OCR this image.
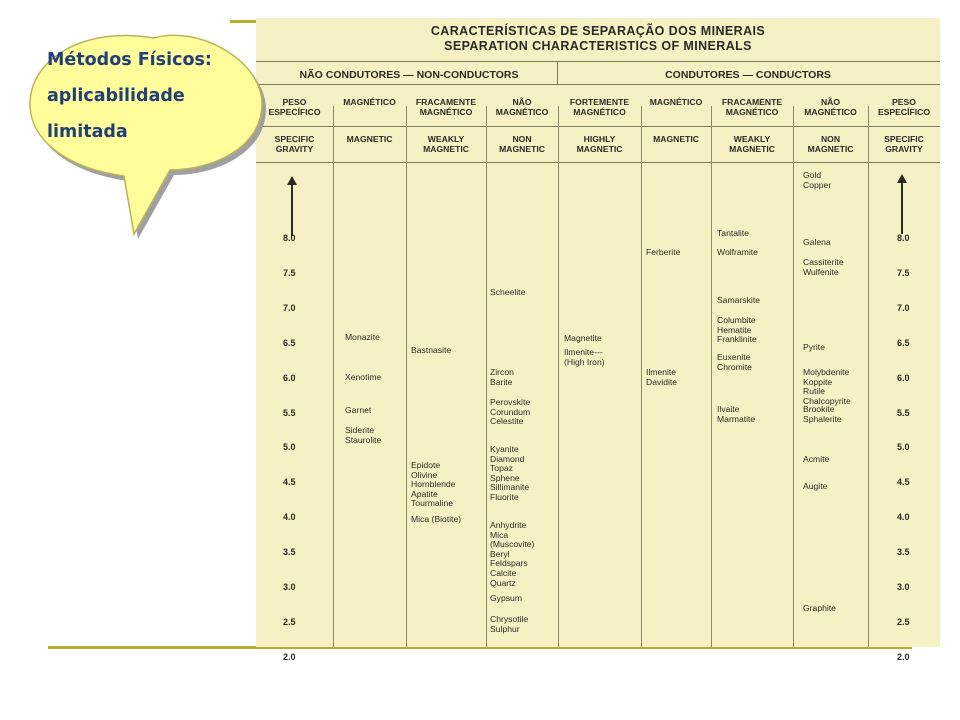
CARACTERÍSTICAS DE SEPARAÇÃO DOS MINERAIS
SEPARATION CHARACTERISTICS OF MINERALS
NÃO CONDUTORES — NON-CONDUCTORS	CONDUTORES — CONDUCTORS
PESO
ESPECÍFICO
SPECIFIC
GRAVITY
MAGNÉTICO
MAGNETIC
FRACAMENTE
MAGNÉTICO
WEAKLY
MAGNETIC
NÃO
MAGNÉTICO
NON
MAGNETIC
FORTEMENTE
MAGNÉTICO
HIGHLY
MAGNETIC
MAGNÉTICO
MAGNETIC
FRACAMENTE
MAGNÉTICO
WEAKLY
MAGNETIC
NÃO
MAGNÉTICO
NON
MAGNETIC
PESO
ESPECÍFICO
SPECIFIC
GRAVITY
8.0
7.5
7.0
6.5
6.0
5.5
5.0
4.5
4.0
3.5
3.0
2.5
2.0
8.0
7.5
7.0
6.5
6.0
5.5
5.0
4.5
4.0
3.5
3.0
2.5
2.0
Monazite
Xenotime
Garnet
Siderite
Staurolite
Bastnasite
Epidote
Olivine
Hornblende
Apatite
Tourmaline
Mica (Biotite)
Scheelite
Zircon
Barite
Perovskite
Corundum
Celestite
Kyanite
Diamond
Topaz
Sphene
Sillimanite
Fluorite
Anhydrite
Mica
(Muscovite)
Beryl
Feldspars
Calcite
Quartz
Gypsum
Chrysotile
Sulphur
Magnetite
Ilmenite---
(High Iron)
Ferberite
Ilmenite
Davidite
Tantalite
Wolframite
Samarskite
Columbite
Hematite
Franklinite
Euxenite
Chromite
Ilvaite
Marmatite
Gold
Copper
Galena
Cassiterite
Wulfenite
Pyrite
Molybdenite
Koppite
Rutile
Chalcopyrite
Brookite
Sphalerite
Acmite
Augite
Graphite
Métodos Físicos:
aplicabilidade
limitada
